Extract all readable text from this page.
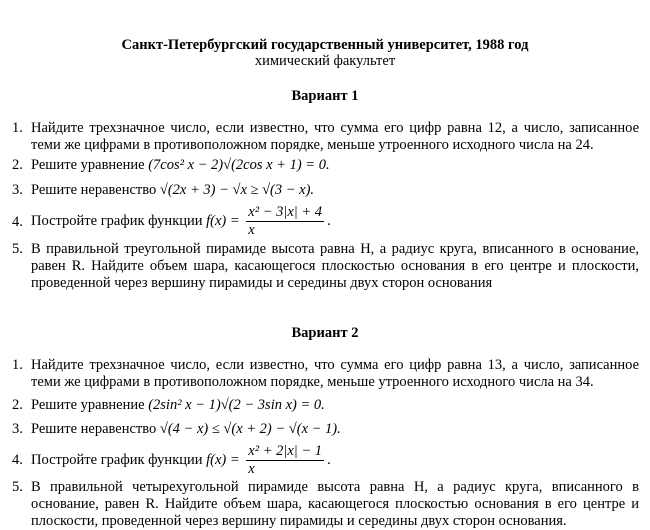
Санкт-Петербургский государственный университет, 1988 год
химический факультет
Вариант 1
1. Найдите трехзначное число, если известно, что сумма его цифр равна 12, а число, записанное
теми же цифрами в противоположном порядке, меньше утроенного исходного числа на 24.
2. Решите уравнение (7cos² x − 2)√(2cos x + 1) = 0.
3. Решите неравенство √(2x + 3) − √x ≥ √(3 − x).
4. Постройте график функции $f(x) = \frac{\text{x² − 3|x| + 4}}{x}$ .
5. В правильной треугольной пирамиде высота равна H, а радиус круга, вписанного в основание,
равен R. Найдите объем шара, касающегося плоскостью основания в его центре и плоскости,
проведенной через вершину пирамиды и середины двух сторон основания
Вариант 2
1. Найдите трехзначное число, если известно, что сумма его цифр равна 13, а число, записанное
теми же цифрами в противоположном порядке, меньше утроенного исходного числа на 34.
2. Решите уравнение (2sin² x − 1)√(2 − 3sin x) = 0.
3. Решите неравенство √(4 − x) ≤ √(x + 2) − √(x − 1).
4. Постройте график функции $f(x) = \frac{\text{x² + 2|x| − 1}}{x}$ .
5. В правильной четырехугольной пирамиде высота равна H, а радиус круга, вписанного в
основание, равен R. Найдите объем шара, касающегося плоскостью основания в его центре и
плоскости, проведенной через вершину пирамиды и середины двух сторон основания.
